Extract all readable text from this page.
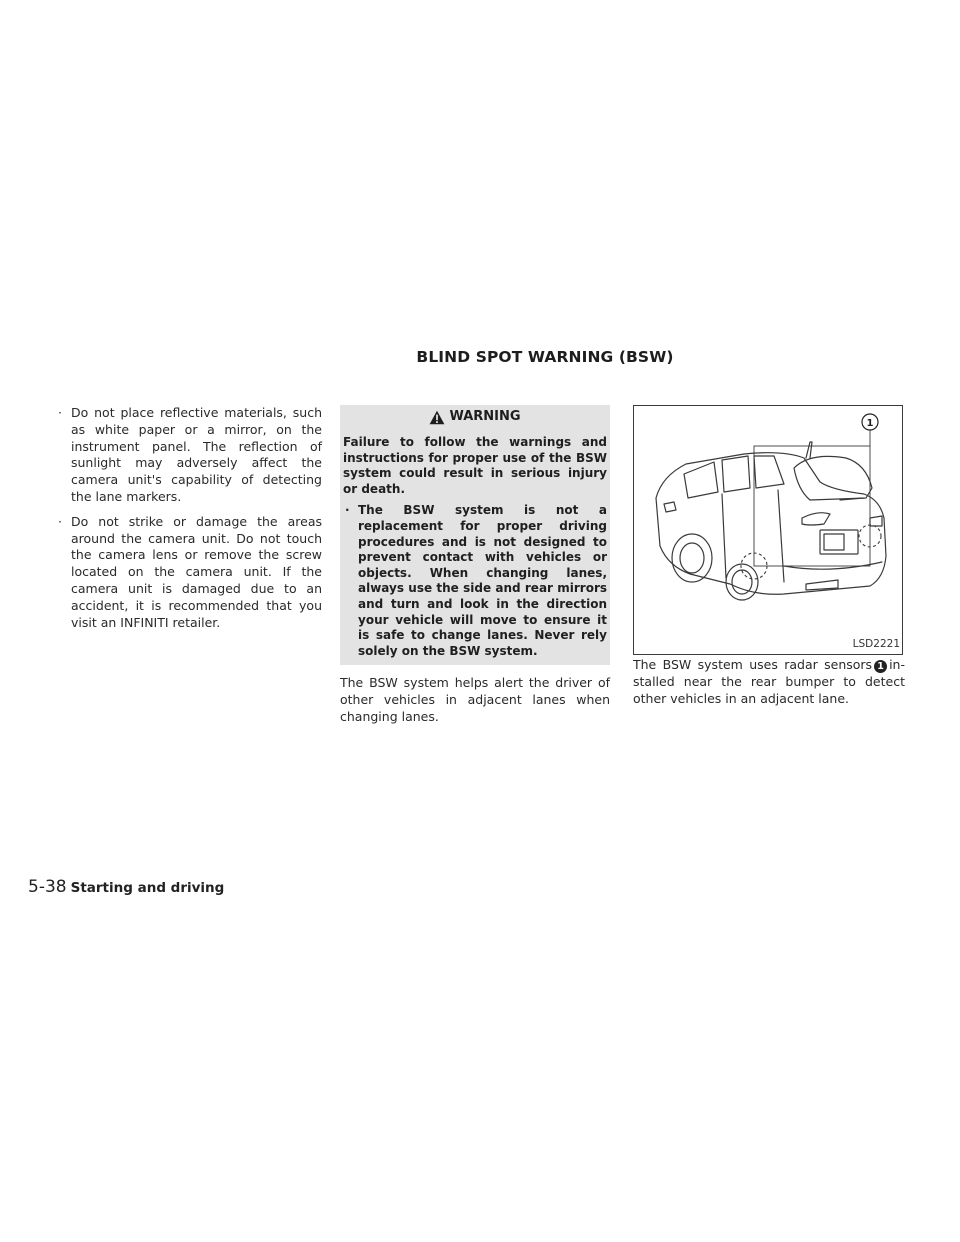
BLIND SPOT WARNING (BSW)
· Do not place reflective materials, such as white paper or a mirror, on the instrument panel. The reflection of sunlight may adversely affect the camera unit's capability of detecting the lane markers.
· Do not strike or damage the areas around the camera unit. Do not touch the camera lens or remove the screw located on the camera unit. If the camera unit is damaged due to an accident, it is recommended that you visit an INFINITI retailer.
WARNING

Failure to follow the warnings and instructions for proper use of the BSW system could result in serious injury or death.

· The BSW system is not a replacement for proper driving procedures and is not designed to prevent contact with vehicles or objects. When changing lanes, always use the side and rear mirrors and turn and look in the direction your vehicle will move to ensure it is safe to change lanes. Never rely solely on the BSW system.

The BSW system helps alert the driver of other vehicles in adjacent lanes when changing lanes.

1
LSD2221

The BSW system uses radar sensors 1 installed near the rear bumper to detect other vehicles in an adjacent lane.

5-38 Starting and driving
